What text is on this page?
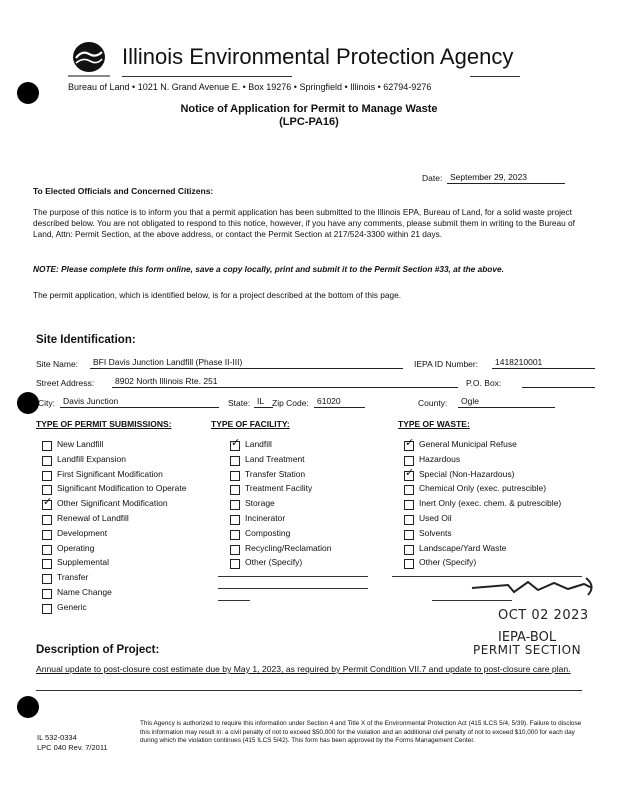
Illinois Environmental Protection Agency
Bureau of Land • 1021 N. Grand Avenue E. • Box 19276 • Springfield • Illinois • 62794-9276
Notice of Application for Permit to Manage Waste
(LPC-PA16)
Date: September 29, 2023
To Elected Officials and Concerned Citizens:
The purpose of this notice is to inform you that a permit application has been submitted to the Illinois EPA, Bureau of Land, for a solid waste project described below. You are not obligated to respond to this notice, however, if you have any comments, please submit them in writing to the Bureau of Land, Attn: Permit Section, at the above address, or contact the Permit Section at 217/524-3300 within 21 days.
NOTE: Please complete this form online, save a copy locally, print and submit it to the Permit Section #33, at the above.
The permit application, which is identified below, is for a project described at the bottom of this page.
Site Identification:
Site Name:	BFI Davis Junction Landfill (Phase II-III)	IEPA ID Number:	1418210001
Street Address:	8902 North Illinois Rte. 251	P.O. Box:
City: Davis Junction	State: IL Zip Code: 61020	County:	Ogle
TYPE OF PERMIT SUBMISSIONS:	TYPE OF FACILITY:	TYPE OF WASTE:
New Landfill
Landfill Expansion
First Significant Modification
Significant Modification to Operate
✓ Other Significant Modification
Renewal of Landfill
Development
Operating
Supplemental
Transfer
Name Change
Generic
✓ Landfill
Land Treatment
Transfer Station
Treatment Facility
Storage
Incinerator
Composting
Recycling/Reclamation
Other (Specify)
✓ General Municipal Refuse
Hazardous
✓ Special (Non-Hazardous)
Chemical Only (exec. putrescible)
Inert Only (exec. chem. & putrescible)
Used Oil
Solvents
Landscape/Yard Waste
Other (Specify)
RECEIVED
OCT 02 2023
IEPA-BOL
PERMIT SECTION
Description of Project:
Annual update to post-closure cost estimate due by May 1, 2023, as required by Permit Condition VII.7 and update to post-closure care plan.
IL 532-0334
LPC 040 Rev. 7/2011
This Agency is authorized to require this information under Section 4 and Title X of the Environmental Protection Act (415 ILCS 5/4, 5/39). Failure to disclose this information may result in: a civil penalty of not to exceed $50,000 for the violation and an additional civil penalty of not to exceed $10,000 for each day during which the violation continues (415 ILCS 5/42). This form has been approved by the Forms Management Center.
